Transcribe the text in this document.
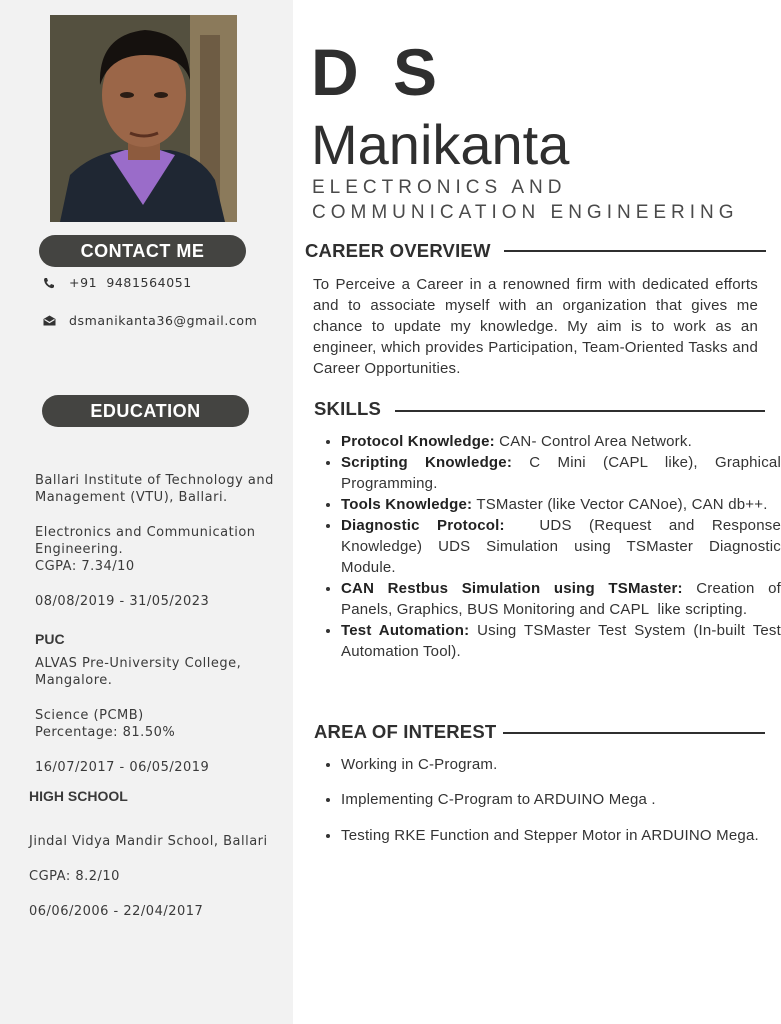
CONTACT ME
+91  9481564051
dsmanikanta36@gmail.com
EDUCATION
Ballari Institute of Technology and Management (VTU), Ballari.
Electronics and Communication Engineering.
CGPA: 7.34/10
08/08/2019 - 31/05/2023
PUC
ALVAS Pre-University College, Mangalore.
Science (PCMB)
Percentage: 81.50%
16/07/2017 - 06/05/2019
HIGH SCHOOL
Jindal Vidya Mandir School, Ballari
CGPA: 8.2/10
06/06/2006 - 22/04/2017
D S
Manikanta
ELECTRONICS AND COMMUNICATION ENGINEERING
CAREER OVERVIEW
To Perceive a Career in a renowned firm with dedicated efforts and to associate myself with an organization that gives me chance to update my knowledge. My aim is to work as an engineer, which provides Participation, Team-Oriented Tasks and Career Opportunities.
SKILLS
• Protocol Knowledge: CAN- Control Area Network.
• Scripting Knowledge: C Mini (CAPL like), Graphical Programming.
• Tools Knowledge: TSMaster (like Vector CANoe), CAN db++.
• Diagnostic Protocol:  UDS (Request and Response Knowledge) UDS Simulation using TSMaster Diagnostic Module.
• CAN Restbus Simulation using TSMaster: Creation of Panels, Graphics, BUS Monitoring and CAPL  like scripting.
• Test Automation: Using TSMaster Test System (In-built Test Automation Tool).
AREA OF INTEREST
• Working in C-Program.
• Implementing C-Program to ARDUINO Mega .
• Testing RKE Function and Stepper Motor in ARDUINO Mega.
